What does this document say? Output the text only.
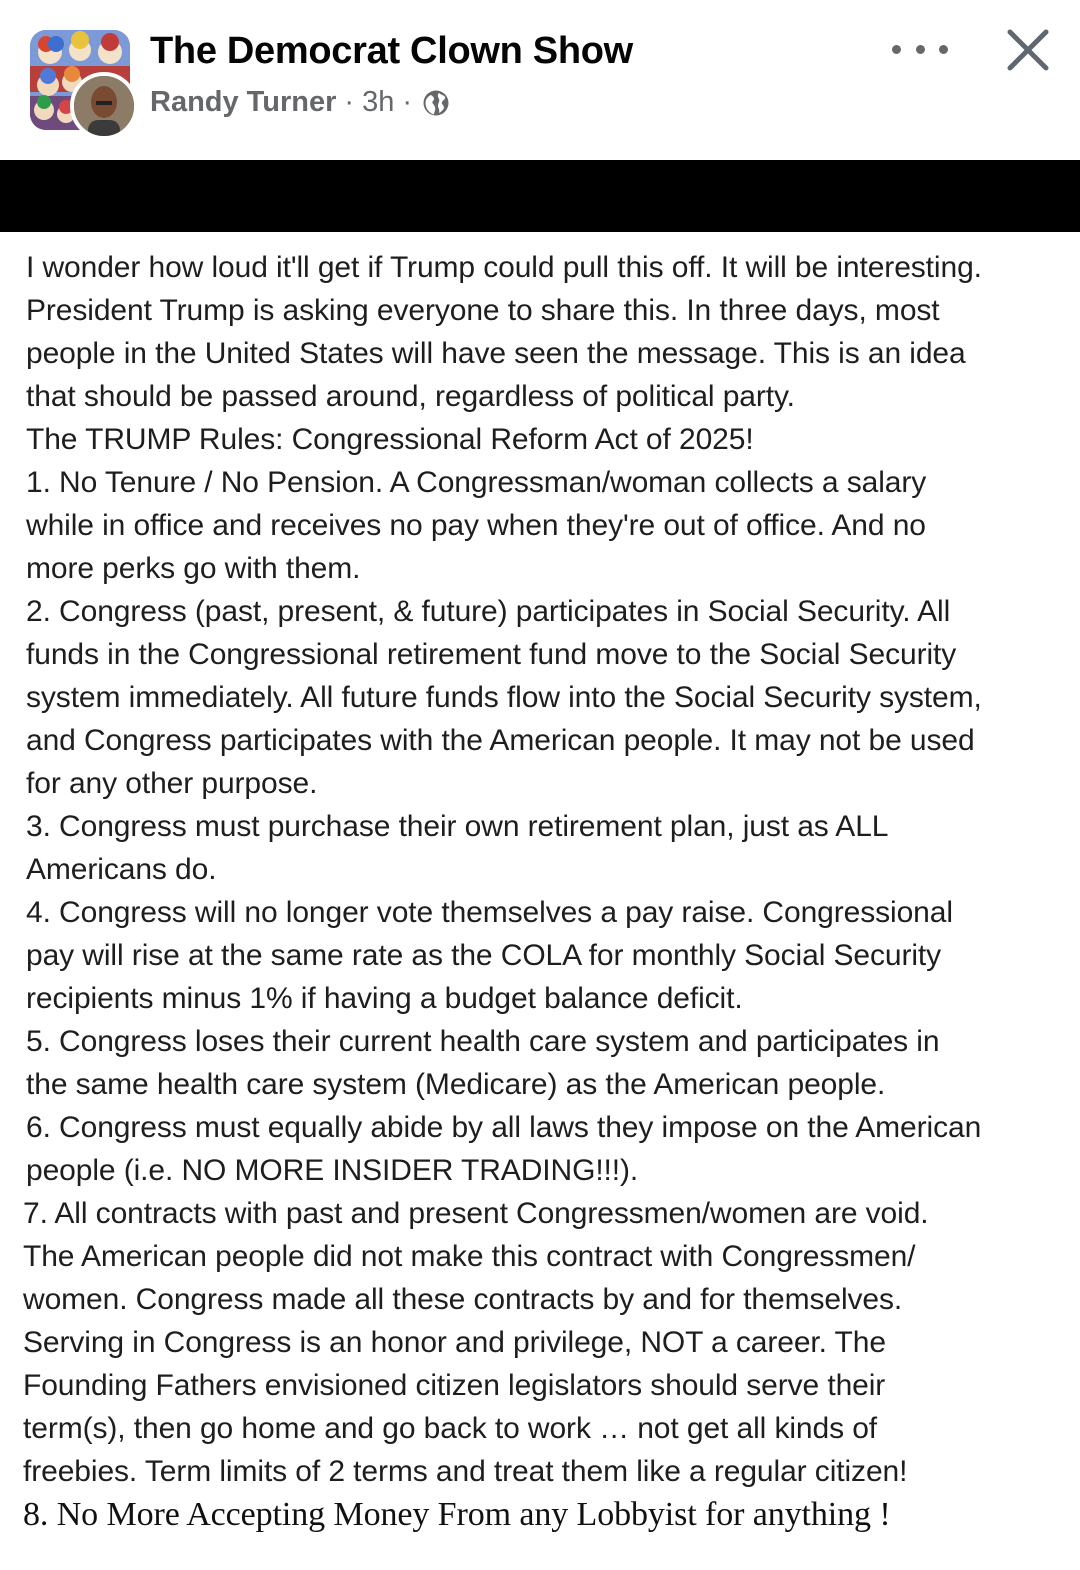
The Democrat Clown Show
Randy Turner · 3h ·
I wonder how loud it'll get if Trump could pull this off. It will be interesting.
President Trump is asking everyone to share this. In three days, most
people in the United States will have seen the message. This is an idea
that should be passed around, regardless of political party.
The TRUMP Rules: Congressional Reform Act of 2025!
1. No Tenure / No Pension. A Congressman/woman collects a salary
while in office and receives no pay when they're out of office. And no
more perks go with them.
2. Congress (past, present, & future) participates in Social Security. All
funds in the Congressional retirement fund move to the Social Security
system immediately. All future funds flow into the Social Security system,
and Congress participates with the American people. It may not be used
for any other purpose.
3. Congress must purchase their own retirement plan, just as ALL
Americans do.
4. Congress will no longer vote themselves a pay raise. Congressional
pay will rise at the same rate as the COLA for monthly Social Security
recipients minus 1% if having a budget balance deficit.
5. Congress loses their current health care system and participates in
the same health care system (Medicare) as the American people.
6. Congress must equally abide by all laws they impose on the American
people (i.e. NO MORE INSIDER TRADING!!!).
7. All contracts with past and present Congressmen/women are void.
The American people did not make this contract with Congressmen/
women. Congress made all these contracts by and for themselves.
Serving in Congress is an honor and privilege, NOT a career. The
Founding Fathers envisioned citizen legislators should serve their
term(s), then go home and go back to work … not get all kinds of
freebies. Term limits of 2 terms and treat them like a regular citizen!
8. No More Accepting Money From any Lobbyist for anything !
